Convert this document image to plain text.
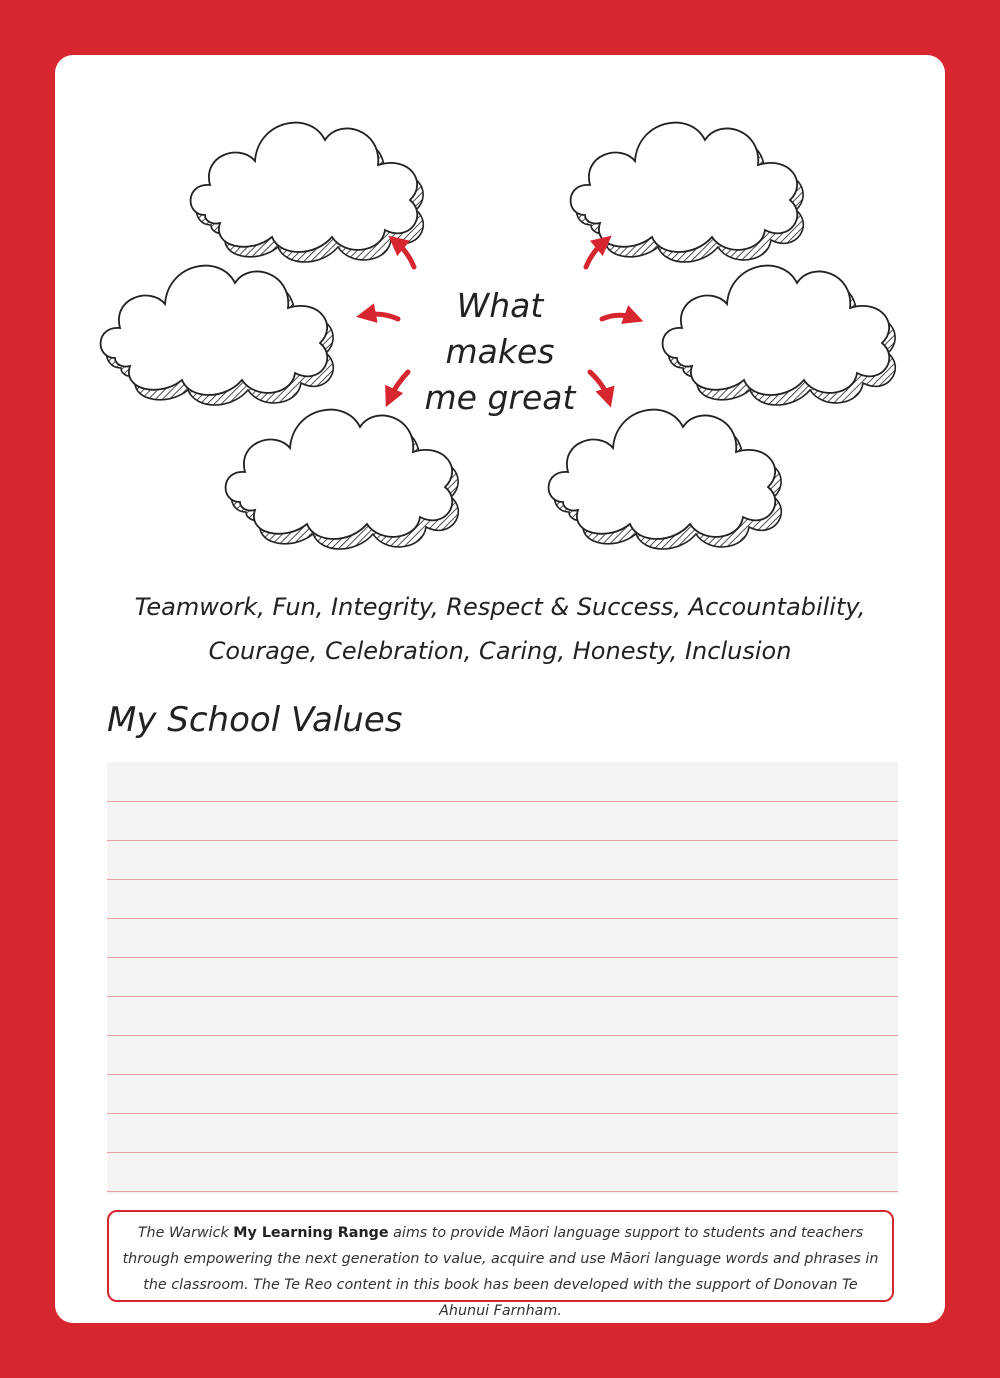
What makes
me great
Teamwork, Fun, Integrity, Respect & Success, Accountability,
Courage, Celebration, Caring, Honesty, Inclusion
My School Values
The Warwick My Learning Range aims to provide Māori language support to students and teachers through empowering the next generation to value, acquire and use Māori language words and phrases in the classroom. The Te Reo content in this book has been developed with the support of Donovan Te Ahunui Farnham.
